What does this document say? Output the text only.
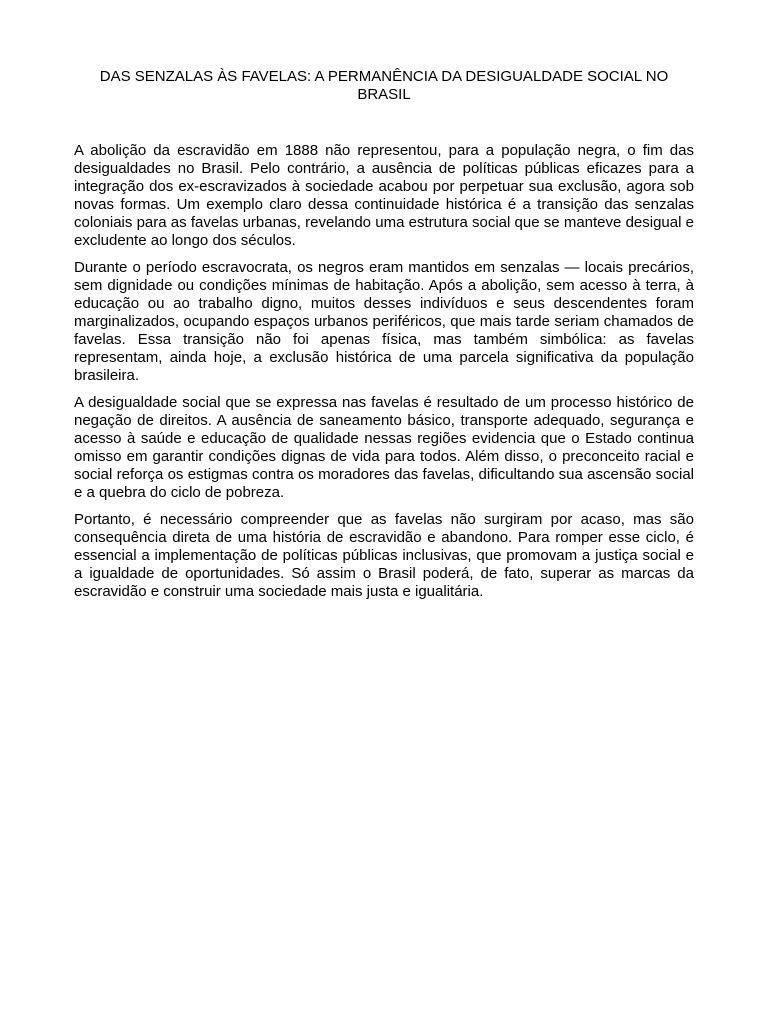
DAS SENZALAS ÀS FAVELAS: A PERMANÊNCIA DA DESIGUALDADE SOCIAL NO BRASIL

A abolição da escravidão em 1888 não representou, para a população negra, o fim das desigualdades no Brasil. Pelo contrário, a ausência de políticas públicas eficazes para a integração dos ex-escravizados à sociedade acabou por perpetuar sua exclusão, agora sob novas formas. Um exemplo claro dessa continuidade histórica é a transição das senzalas coloniais para as favelas urbanas, revelando uma estrutura social que se manteve desigual e excludente ao longo dos séculos.

Durante o período escravocrata, os negros eram mantidos em senzalas — locais precários, sem dignidade ou condições mínimas de habitação. Após a abolição, sem acesso à terra, à educação ou ao trabalho digno, muitos desses indivíduos e seus descendentes foram marginalizados, ocupando espaços urbanos periféricos, que mais tarde seriam chamados de favelas. Essa transição não foi apenas física, mas também simbólica: as favelas representam, ainda hoje, a exclusão histórica de uma parcela significativa da população brasileira.

A desigualdade social que se expressa nas favelas é resultado de um processo histórico de negação de direitos. A ausência de saneamento básico, transporte adequado, segurança e acesso à saúde e educação de qualidade nessas regiões evidencia que o Estado continua omisso em garantir condições dignas de vida para todos. Além disso, o preconceito racial e social reforça os estigmas contra os moradores das favelas, dificultando sua ascensão social e a quebra do ciclo de pobreza.

Portanto, é necessário compreender que as favelas não surgiram por acaso, mas são consequência direta de uma história de escravidão e abandono. Para romper esse ciclo, é essencial a implementação de políticas públicas inclusivas, que promovam a justiça social e a igualdade de oportunidades. Só assim o Brasil poderá, de fato, superar as marcas da escravidão e construir uma sociedade mais justa e igualitária.
